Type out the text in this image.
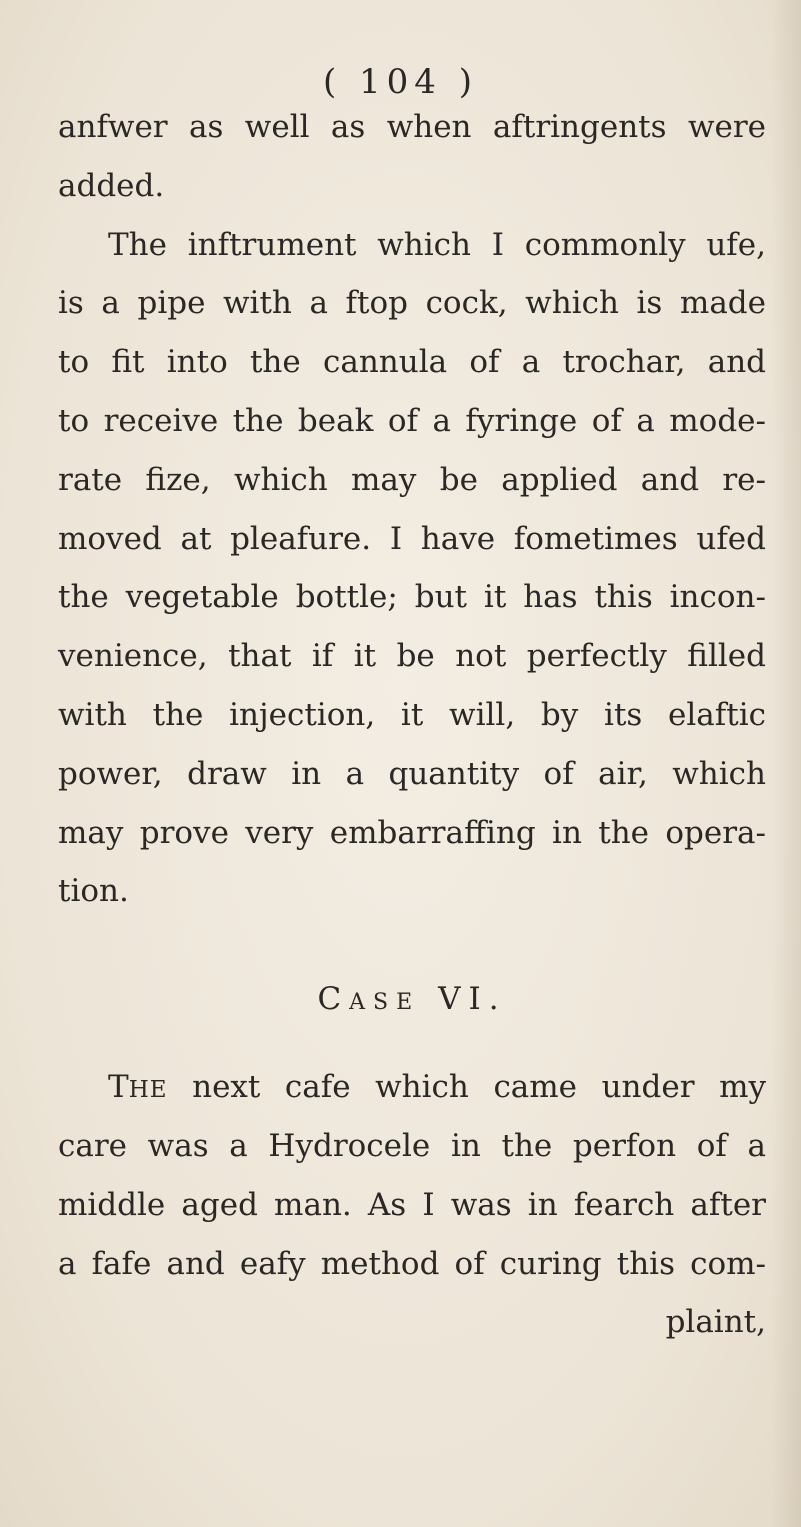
( 104 )
anfwer as well as when aftringents were
added.
The inftrument which I commonly ufe,
is a pipe with a ftop cock, which is made
to fit into the cannula of a trochar, and
to receive the beak of a fyringe of a mode-
rate fize, which may be applied and re-
moved at pleafure. I have fometimes ufed
the vegetable bottle; but it has this incon-
venience, that if it be not perfectly filled
with the injection, it will, by its elaftic
power, draw in a quantity of air, which
may prove very embarraffing in the opera-
tion.
CASE VI.
THE next cafe which came under my
care was a Hydrocele in the perfon of a
middle aged man. As I was in fearch after
a fafe and eafy method of curing this com-
plaint,
